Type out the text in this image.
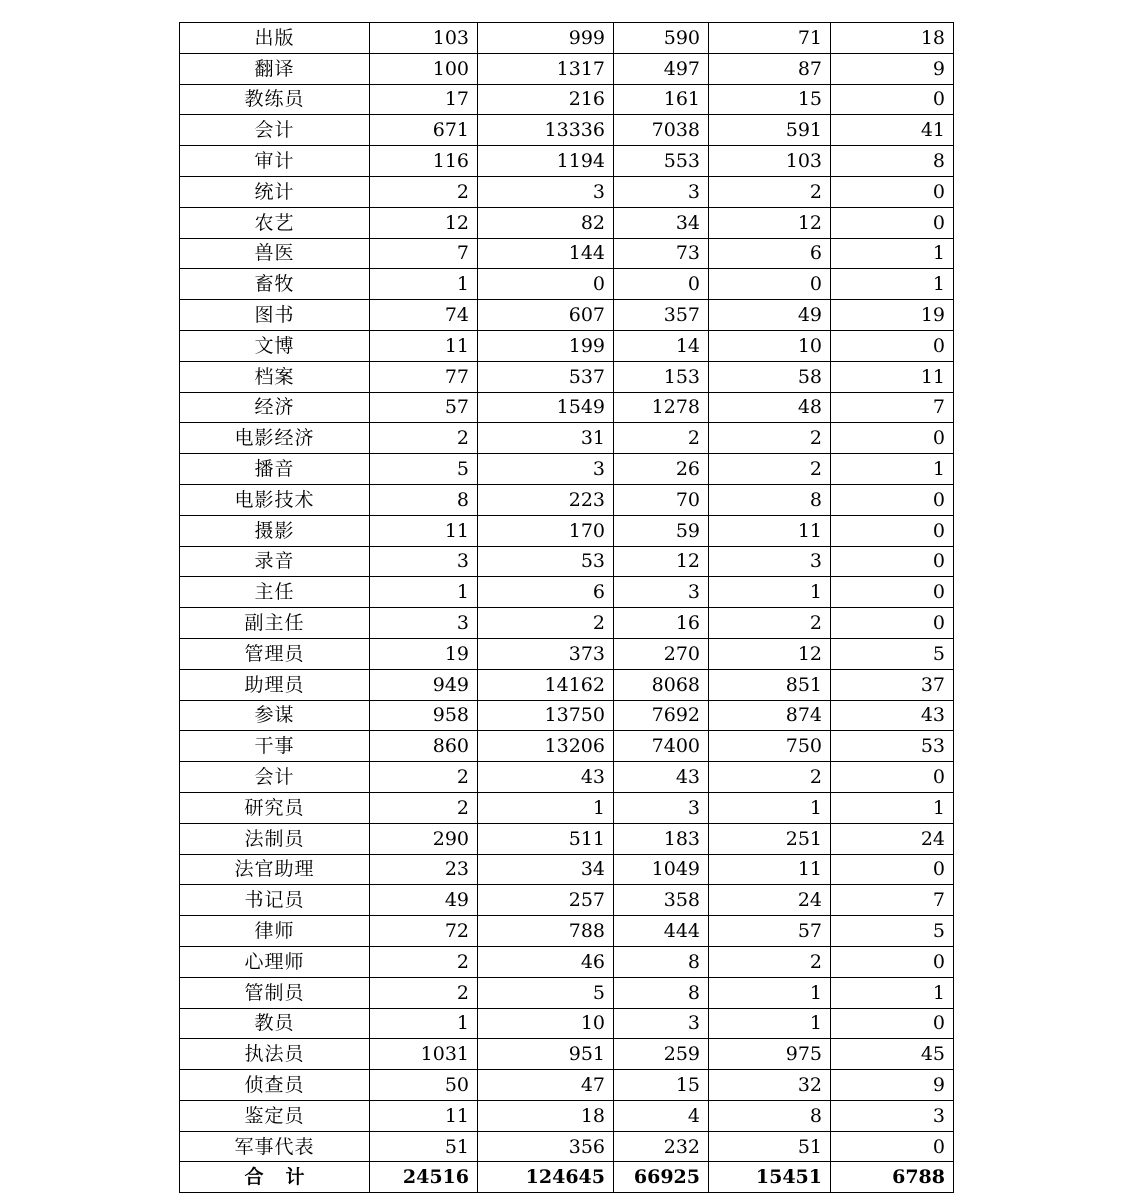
出版	103	999	590	71	18
翻译	100	1317	497	87	9
教练员	17	216	161	15	0
会计	671	13336	7038	591	41
审计	116	1194	553	103	8
统计	2	3	3	2	0
农艺	12	82	34	12	0
兽医	7	144	73	6	1
畜牧	1	0	0	0	1
图书	74	607	357	49	19
文博	11	199	14	10	0
档案	77	537	153	58	11
经济	57	1549	1278	48	7
电影经济	2	31	2	2	0
播音	5	3	26	2	1
电影技术	8	223	70	8	0
摄影	11	170	59	11	0
录音	3	53	12	3	0
主任	1	6	3	1	0
副主任	3	2	16	2	0
管理员	19	373	270	12	5
助理员	949	14162	8068	851	37
参谋	958	13750	7692	874	43
干事	860	13206	7400	750	53
会计	2	43	43	2	0
研究员	2	1	3	1	1
法制员	290	511	183	251	24
法官助理	23	34	1049	11	0
书记员	49	257	358	24	7
律师	72	788	444	57	5
心理师	2	46	8	2	0
管制员	2	5	8	1	1
教员	1	10	3	1	0
执法员	1031	951	259	975	45
侦查员	50	47	15	32	9
鉴定员	11	18	4	8	3
军事代表	51	356	232	51	0
合计	24516	124645	66925	15451	6788
